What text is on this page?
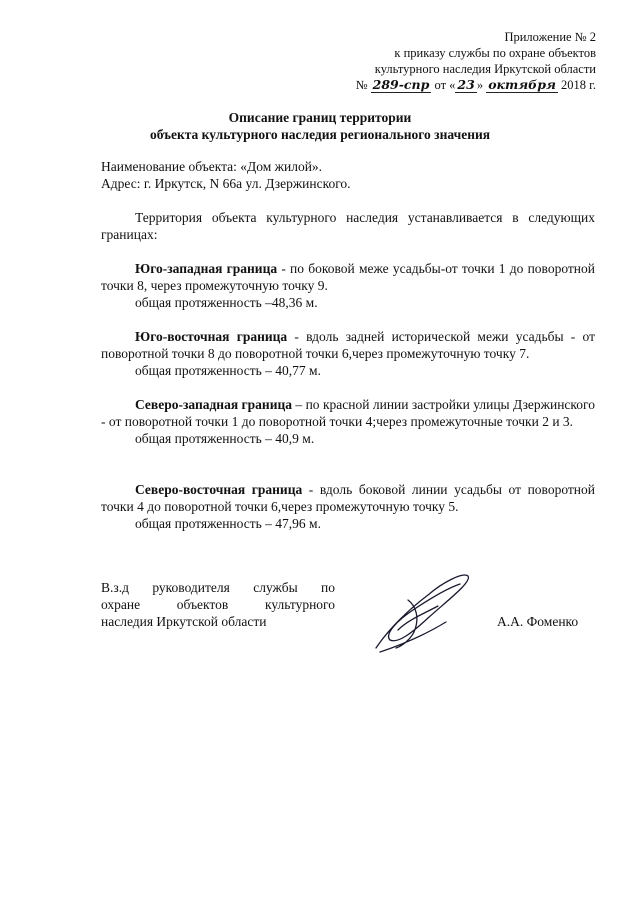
Приложение № 2
к приказу службы по охране объектов
культурного наследия Иркутской области
№ 289-спр от « 23 » октября 2018 г.
Описание границ территории
объекта культурного наследия регионального значения
Наименование объекта: «Дом жилой».
Адрес: г. Иркутск, N 66а ул. Дзержинского.
Территория объекта культурного наследия устанавливается в следующих границах:
Юго-западная граница - по боковой меже усадьбы-от точки 1 до поворотной точки 8, через промежуточную точку 9.
общая протяженность –48,36 м.
Юго-восточная граница - вдоль задней исторической межи усадьбы - от поворотной точки 8 до поворотной точки 6,через промежуточную точку 7.
общая протяженность – 40,77 м.
Северо-западная граница – по красной линии застройки улицы Дзержинского - от поворотной точки 1 до поворотной точки 4;через промежуточные точки 2 и 3.
общая протяженность – 40,9 м.
Северо-восточная граница - вдоль боковой линии усадьбы от поворотной точки 4 до поворотной точки 6,через промежуточную точку 5.
общая протяженность – 47,96 м.
В.з.д руководителя службы по
охране объектов культурного
наследия Иркутской области	А.А. Фоменко
